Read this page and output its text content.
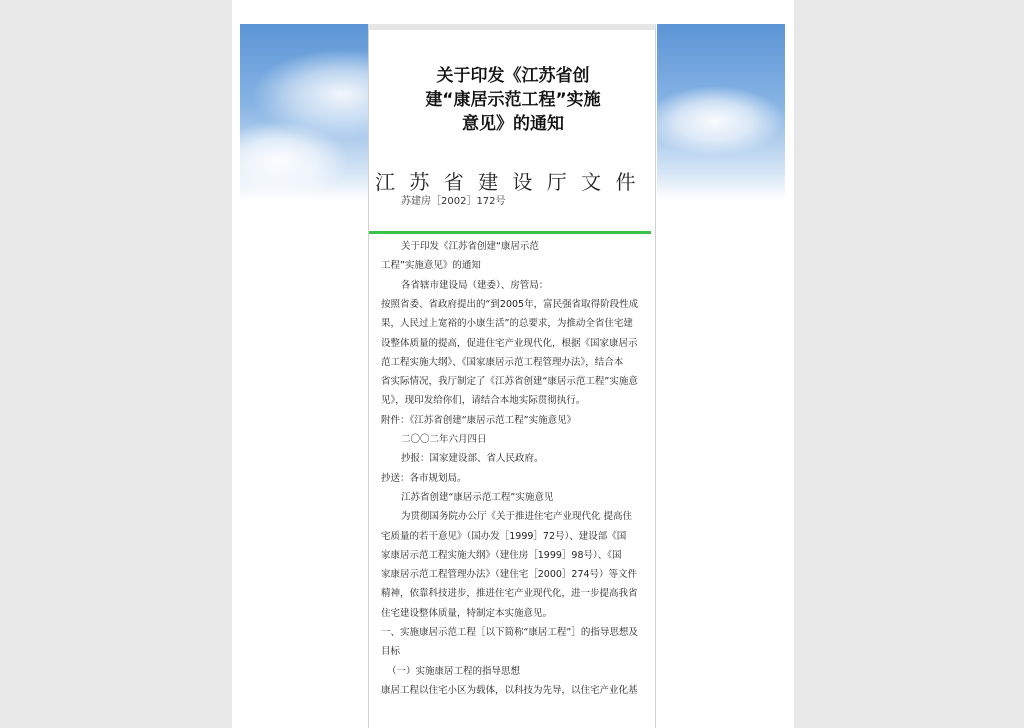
关于印发《江苏省创
建“康居示范工程”实施
意见》的通知
江 苏 省 建 设 厅 文 件
苏建房［2002］172号
关于印发《江苏省创建“康居示范
工程”实施意见》的通知
各省辖市建设局（建委）、房管局：
按照省委、省政府提出的“到2005年，富民强省取得阶段性成
果，人民过上宽裕的小康生活”的总要求，为推动全省住宅建
设整体质量的提高，促进住宅产业现代化，根据《国家康居示
范工程实施大纲》、《国家康居示范工程管理办法》，结合本
省实际情况，我厅制定了《江苏省创建“康居示范工程”实施意
见》，现印发给你们，请结合本地实际贯彻执行。
附件：《江苏省创建“康居示范工程”实施意见》
二〇〇二年六月四日
抄报：国家建设部、省人民政府。
抄送：各市规划局。
江苏省创建“康居示范工程”实施意见
为贯彻国务院办公厅《关于推进住宅产业现代化 提高住
宅质量的若干意见》（国办发［1999］72号）、建设部《国
家康居示范工程实施大纲》（建住房［1999］98号）、《国
家康居示范工程管理办法》（建住宅［2000］274号）等文件
精神，依靠科技进步，推进住宅产业现代化，进一步提高我省
住宅建设整体质量，特制定本实施意见。
一、实施康居示范工程［以下简称“康居工程”］的指导思想及
目标
（一）实施康居工程的指导思想
康居工程以住宅小区为载体，以科技为先导，以住宅产业化基
